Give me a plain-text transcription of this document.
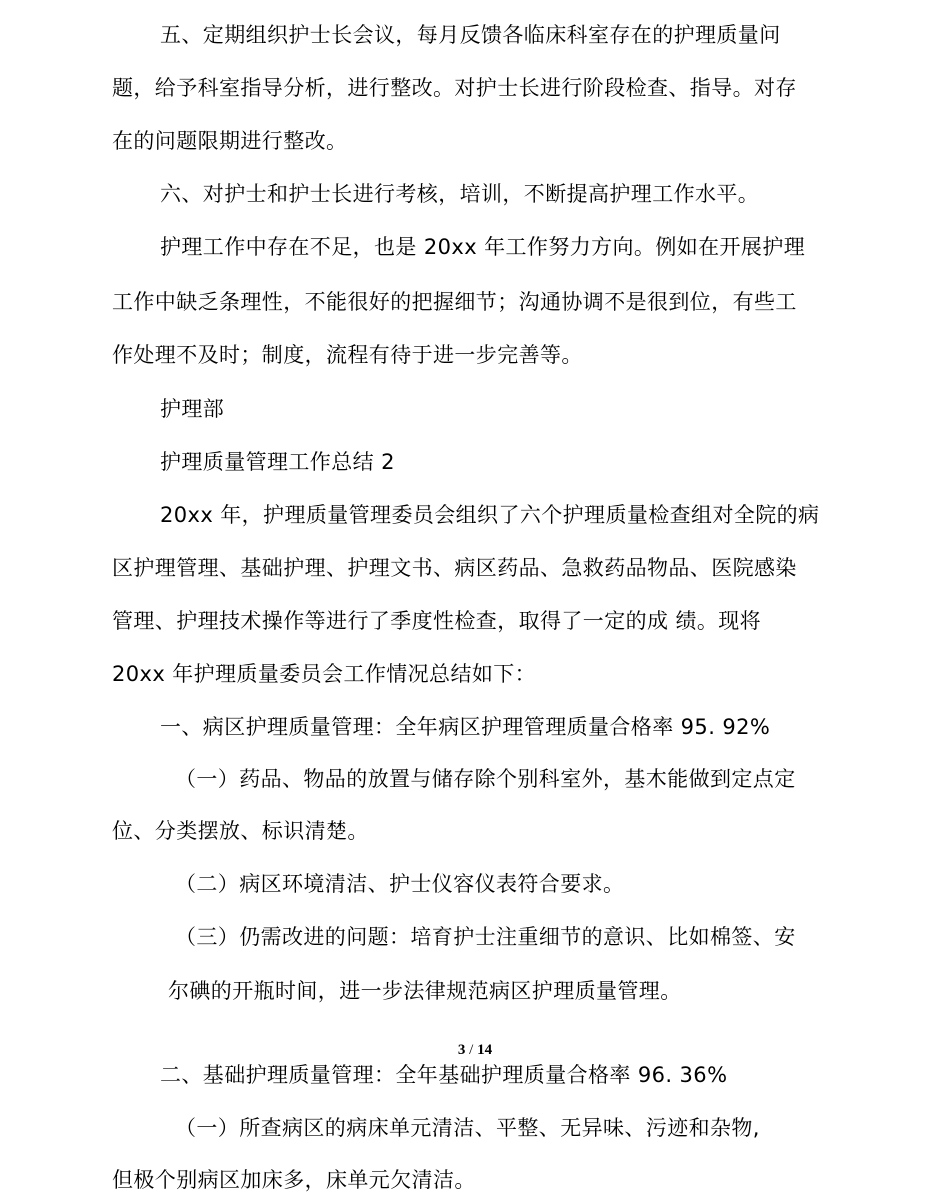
五、定期组织护士长会议，每月反馈各临床科室存在的护理质量问
题，给予科室指导分析，进行整改。对护士长进行阶段检查、指导。对存
在的问题限期进行整改。
六、对护士和护士长进行考核，培训，不断提高护理工作水平。
护理工作中存在不足，也是 20xx 年工作努力方向。例如在开展护理
工作中缺乏条理性，不能很好的把握细节；沟通协调不是很到位，有些工
作处理不及时；制度，流程有待于进一步完善等。
护理部
护理质量管理工作总结 2
20xx 年，护理质量管理委员会组织了六个护理质量检查组对全院的病
区护理管理、基础护理、护理文书、病区药品、急救药品物品、医院感染
管理、护理技术操作等进行了季度性检查，取得了一定的成 绩。现将
20xx 年护理质量委员会工作情况总结如下：
一、病区护理质量管理：全年病区护理管理质量合格率 95. 92%
（一）药品、物品的放置与储存除个别科室外，基木能做到定点定
位、分类摆放、标识清楚。
（二）病区环境清洁、护士仪容仪表符合要求。
（三）仍需改进的问题：培育护士注重细节的意识、比如棉签、安
尔碘的开瓶时间，进一步法律规范病区护理质量管理。
3 / 14
二、基础护理质量管理：全年基础护理质量合格率 96. 36%
（一）所查病区的病床单元清洁、平整、无异味、污迹和杂物,
但极个别病区加床多，床单元欠清洁。
